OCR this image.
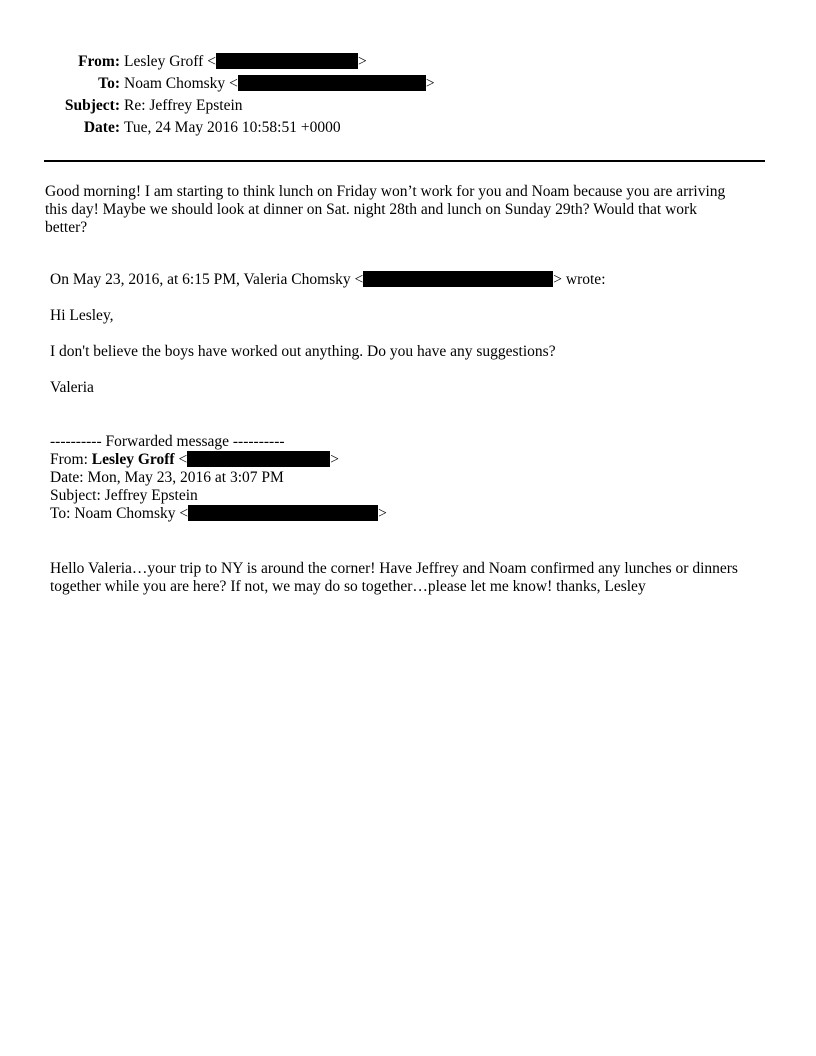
From: Lesley Groff <	>
To: Noam Chomsky <	>
Subject: Re: Jeffrey Epstein
Date: Tue, 24 May 2016 10:58:51 +0000
Good morning! I am starting to think lunch on Friday won’t work for you and Noam because you are arriving
this day! Maybe we should look at dinner on Sat. night 28th and lunch on Sunday 29th? Would that work
better?
On May 23, 2016, at 6:15 PM, Valeria Chomsky <	> wrote:
Hi Lesley,
I don't believe the boys have worked out anything. Do you have any suggestions?
Valeria
---------- Forwarded message ----------
From: Lesley Groff <	>
Date: Mon, May 23, 2016 at 3:07 PM
Subject: Jeffrey Epstein
To: Noam Chomsky <	>
Hello Valeria…your trip to NY is around the corner! Have Jeffrey and Noam confirmed any lunches or dinners
together while you are here? If not, we may do so together…please let me know! thanks, Lesley
